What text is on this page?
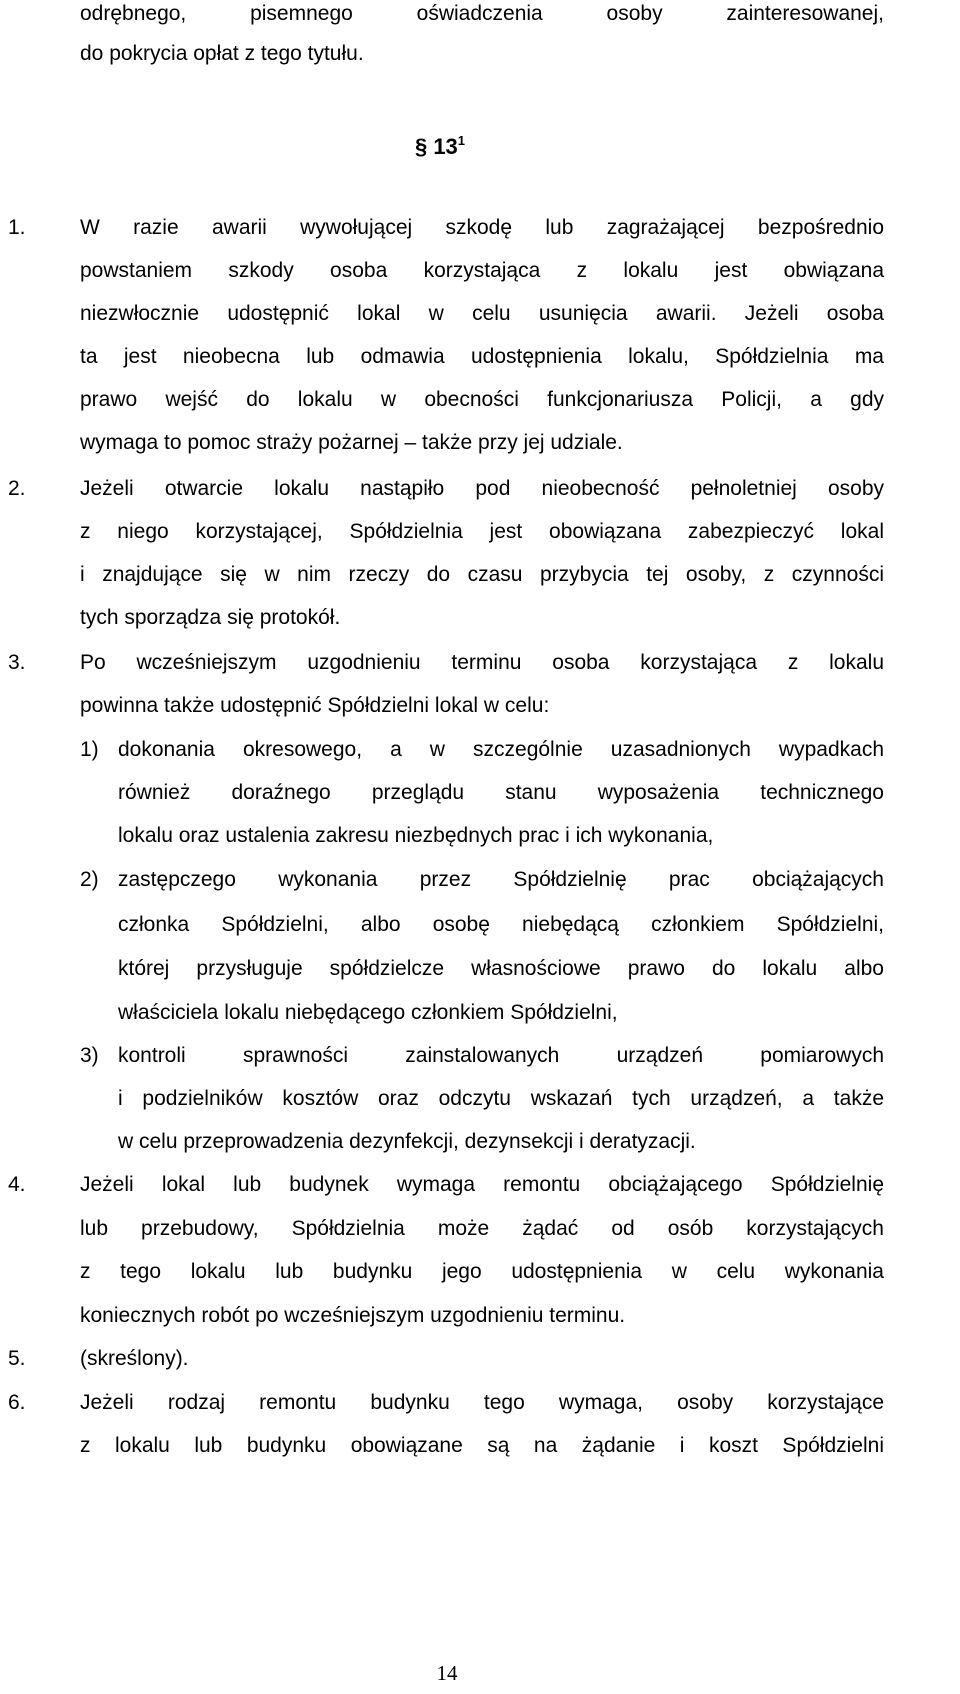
odrębnego, pisemnego oświadczenia osoby zainteresowanej,
do pokrycia opłat z tego tytułu.
§ $13^1$
1.	W razie awarii wywołującej szkodę lub zagrażającej bezpośrednio
powstaniem szkody osoba korzystająca z lokalu jest obwiązana
niezwłocznie udostępnić lokal w celu usunięcia awarii. Jeżeli osoba
ta jest nieobecna lub odmawia udostępnienia lokalu, Spółdzielnia ma
prawo wejść do lokalu w obecności funkcjonariusza Policji, a gdy
wymaga to pomoc straży pożarnej – także przy jej udziale.
2.	Jeżeli otwarcie lokalu nastąpiło pod nieobecność pełnoletniej osoby
z niego korzystającej, Spółdzielnia jest obowiązana zabezpieczyć lokal
i znajdujące się w nim rzeczy do czasu przybycia tej osoby, z czynności
tych sporządza się protokół.
3.	Po wcześniejszym uzgodnieniu terminu osoba korzystająca z lokalu
powinna także udostępnić Spółdzielni lokal w celu:
1) dokonania okresowego, a w szczególnie uzasadnionych wypadkach
również doraźnego przeglądu stanu wyposażenia technicznego
lokalu oraz ustalenia zakresu niezbędnych prac i ich wykonania,
2) zastępczego wykonania przez Spółdzielnię prac obciążających
członka Spółdzielni, albo osobę niebędącą członkiem Spółdzielni,
której przysługuje spółdzielcze własnościowe prawo do lokalu albo
właściciela lokalu niebędącego członkiem Spółdzielni,
3) kontroli sprawności zainstalowanych urządzeń pomiarowych
i podzielników kosztów oraz odczytu wskazań tych urządzeń, a także
w celu przeprowadzenia dezynfekcji, dezynsekcji i deratyzacji.
4.	Jeżeli lokal lub budynek wymaga remontu obciążającego Spółdzielnię
lub przebudowy, Spółdzielnia może żądać od osób korzystających
z tego lokalu lub budynku jego udostępnienia w celu wykonania
koniecznych robót po wcześniejszym uzgodnieniu terminu.
5.	(skreślony).
6.	Jeżeli rodzaj remontu budynku tego wymaga, osoby korzystające
z lokalu lub budynku obowiązane są na żądanie i koszt Spółdzielni
14
